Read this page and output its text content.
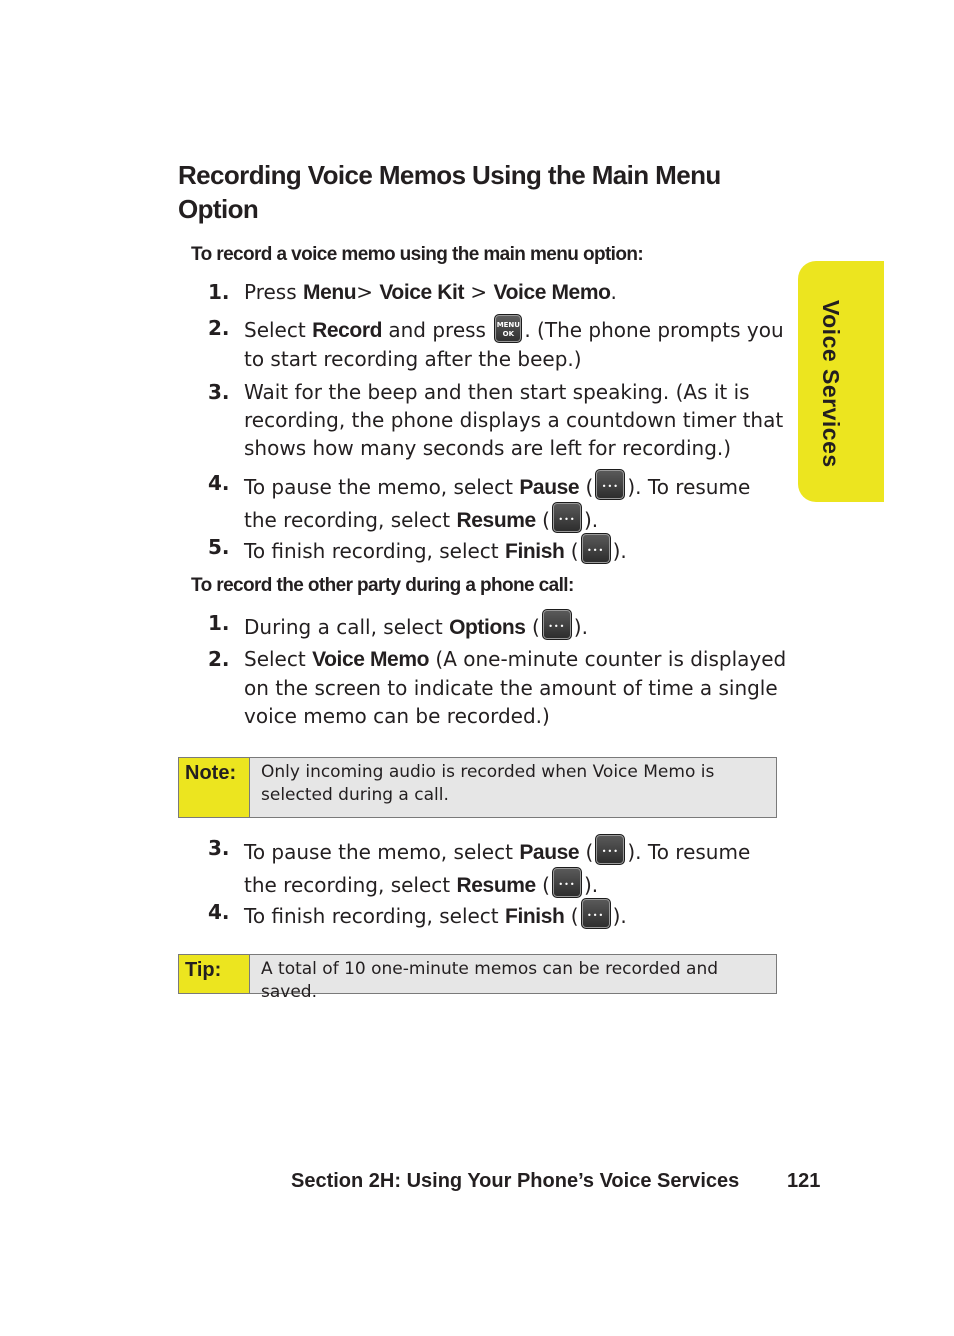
Recording Voice Memos Using the Main Menu Option
Voice Services

To record a voice memo using the main menu option:

1. Press Menu> Voice Kit > Voice Memo.
2. Select Record and press MENU
OK . (The phone prompts you to start recording after the beep.)
3. Wait for the beep and then start speaking. (As it is recording, the phone displays a countdown timer that shows how many seconds are left for recording.)
4. To pause the memo, select Pause ( ••• ). To resume the recording, select Resume ( ••• ).
5. To finish recording, select Finish ( ••• ).

To record the other party during a phone call:

1. During a call, select Options ( ••• ).
2. Select Voice Memo (A one-minute counter is displayed on the screen to indicate the amount of time a single voice memo can be recorded.)
Note:	Only incoming audio is recorded when Voice Memo is selected during a call.
3. To pause the memo, select Pause ( ••• ). To resume the recording, select Resume ( ••• ).
4. To finish recording, select Finish ( ••• ).
Tip:	A total of 10 one-minute memos can be recorded and saved.
Section 2H: Using Your Phone’s Voice Services 121
